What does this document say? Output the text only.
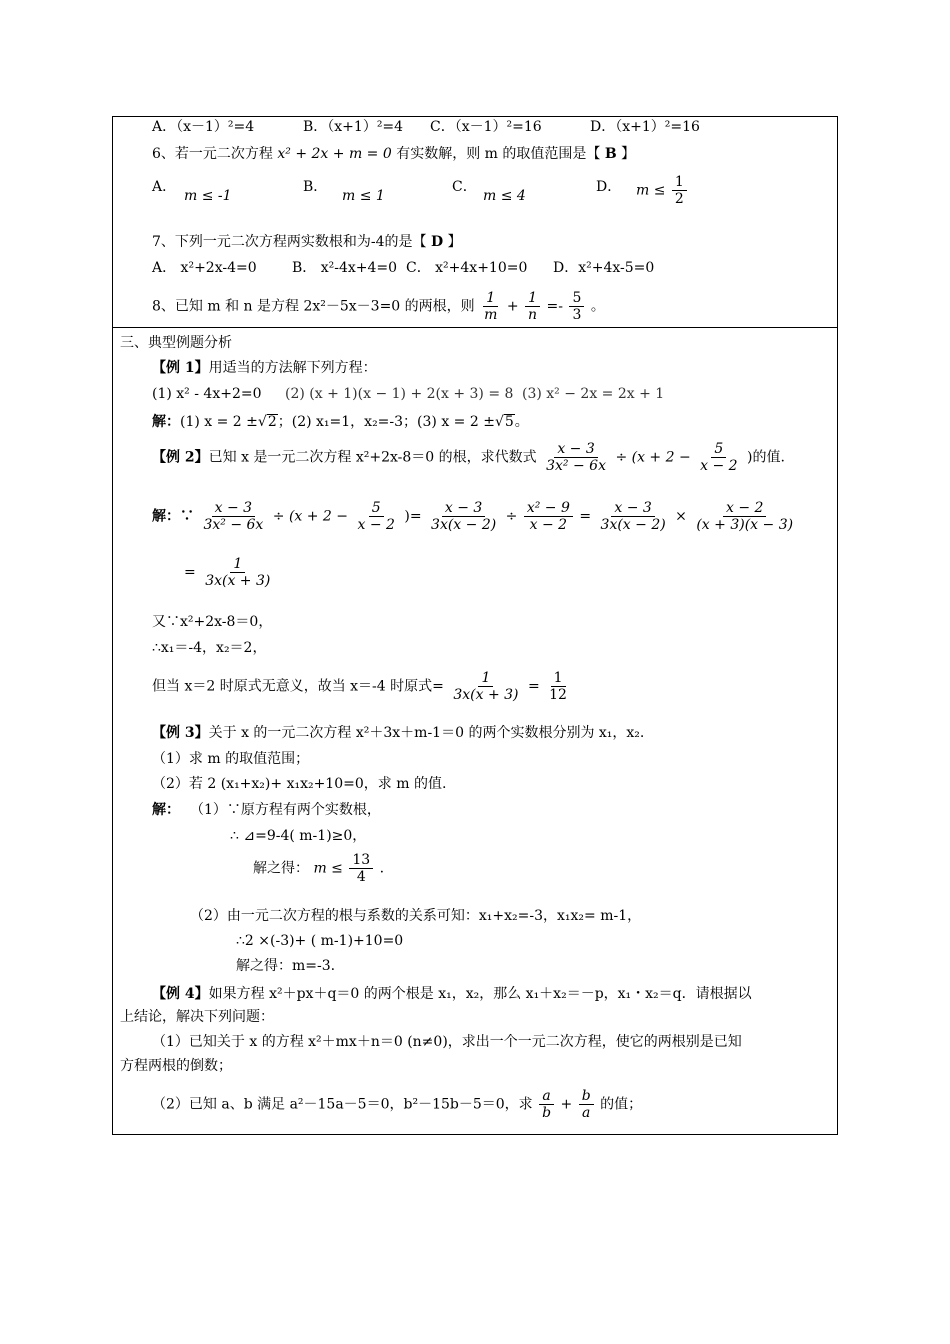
A．（x－1）²=4	B．（x+1）²=4 C．（x－1）²=16	D．（x+1）²=16
6、若一元二次方程 x² + 2x + m = 0 有实数解，则 m 的取值范围是【 B 】
A．
m ≤ -1
B．
m ≤ 1
C．
m ≤ 4
D． $m \le \frac{1}{2}$
7、下列一元二次方程两实数根和为-4的是【 D 】
A． x²+2x-4=0	B． x²-4x+4=0 C． x²+4x+10=0 D．x²+4x-5=0
8、已知 m 和 n 是方程 2x²－5x－3=0 的两根，则 $\frac{1}{m} + \frac{1}{n} =- \frac{5}{3}$ 。
三、典型例题分析
【例 1】用适当的方法解下列方程：
(1) x² - 4x+2=0 (2) (x + 1)(x − 1) + 2(x + 3) = 8 (3) x² − 2x = 2x + 1
解：(1) x = 2 ±√2；(2) x₁=1，x₂=-3；(3) x = 2 ±√5。
【例 2】已知 x 是一元二次方程 x²+2x-8＝0 的根，求代数式 $\frac{x - 3}{\text{3x² − 6x}} \div (x + 2 - \frac{5}{x - 2}$ )的值.
解：∵ $\frac{x - 3}{\text{3x² − 6x}} \div (x + 2 - \frac{5}{x - 2}$ )= $\frac{x - 3}{3x(x - 2)} \div \frac{\text{x² − 9}}{x - 2} = \frac{x - 3}{3x(x - 2)} \times \frac{x - 2}{(x + 3)(x - 3)}$
= $\frac{1}{3x(x + 3)}$
又∵x²+2x-8＝0，
∴x₁＝-4，x₂＝2，
但当 x＝2 时原式无意义，故当 x＝-4 时原式= $\frac{1}{3x(x + 3)} = \frac{1}{12}$
【例 3】关于 x 的一元二次方程 x²＋3x＋m-1＝0 的两个实数根分别为 x₁，x₂.
（1）求 m 的取值范围；
（2）若 2 (x₁+x₂)+ x₁x₂+10=0，求 m 的值.
解： （1）∵原方程有两个实数根，
∴ ⊿=9-4( m-1)≥0，
解之得： $m \le \frac{13}{4}$ .
（2）由一元二次方程的根与系数的关系可知：x₁+x₂=-3，x₁x₂= m-1，
∴2 ×(-3)+ ( m-1)+10=0
解之得：m=-3.
【例 4】如果方程 x²＋px＋q＝0 的两个根是 x₁，x₂，那么 x₁＋x₂＝－p，x₁・x₂＝q．请根据以
上结论，解决下列问题：
（1）已知关于 x 的方程 x²＋mx＋n＝0 (n≠0)，求出一个一元二次方程，使它的两根别是已知
方程两根的倒数；
（2）已知 a、b 满足 a²－15a－5＝0，b²－15b－5＝0，求 $\frac{a}{b} + \frac{b}{a}$ 的值；
